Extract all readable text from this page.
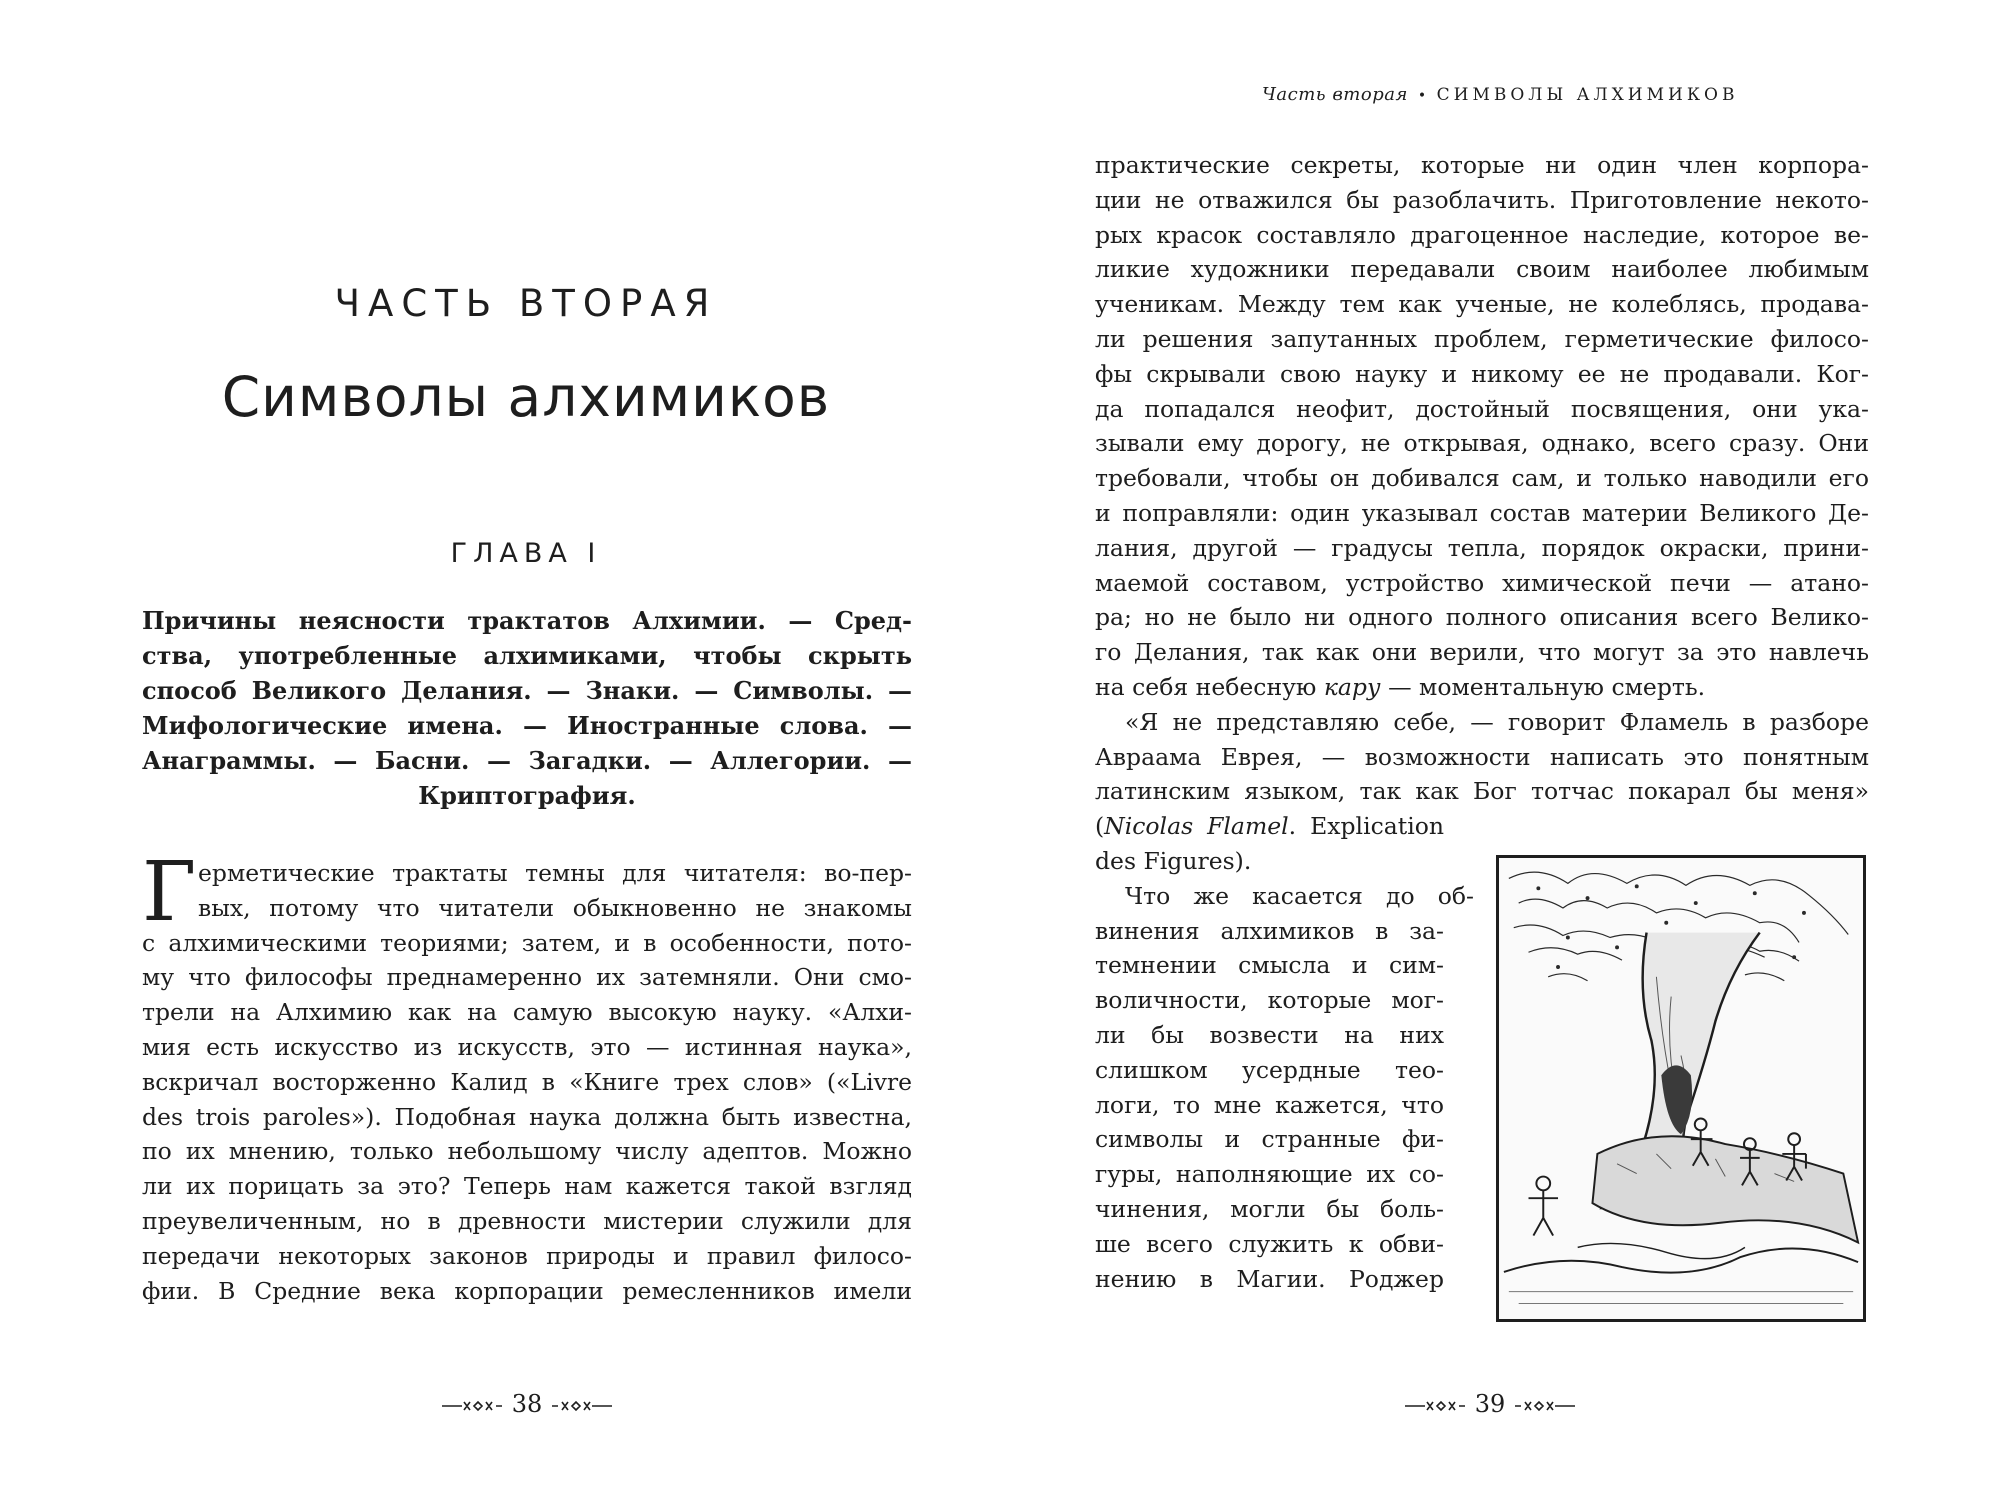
ЧАСТЬ ВТОРАЯ
Символы алхимиков
ГЛАВА I
Причины неясности трактатов Алхимии. — Сред-
ства, употребленные алхимиками, чтобы скрыть
способ Великого Делания. — Знаки. — Символы. —
Мифологические имена. — Иностранные слова. —
Анаграммы. — Басни. — Загадки. — Аллегории. —
Криптография.
Г ерметические трактаты темны для читателя: во-пер-
вых, потому что читатели обыкновенно не знакомы
с алхимическими теориями; затем, и в особенности, пото-
му что философы преднамеренно их затемняли. Они смо-
трели на Алхимию как на самую высокую науку. «Алхи-
мия есть искусство из искусств, это — истинная наука»,
вскричал восторженно Калид в «Книге трех слов» («Livre
des trois paroles»). Подобная наука должна быть известна,
по их мнению, только небольшому числу адептов. Можно
ли их порицать за это? Теперь нам кажется такой взгляд
преувеличенным, но в древности мистерии служили для
передачи некоторых законов природы и правил филосо-
фии. В Средние века корпорации ремесленников имели
38
Часть вторая • СИМВОЛЫ АЛХИМИКОВ
практические секреты, которые ни один член корпора-
ции не отважился бы разоблачить. Приготовление некото-
рых красок составляло драгоценное наследие, которое ве-
ликие художники передавали своим наиболее любимым
ученикам. Между тем как ученые, не колеблясь, продава-
ли решения запутанных проблем, герметические филосо-
фы скрывали свою науку и никому ее не продавали. Ког-
да попадался неофит, достойный посвящения, они ука-
зывали ему дорогу, не открывая, однако, всего сразу. Они
требовали, чтобы он добивался сам, и только наводили его
и поправляли: один указывал состав материи Великого Де-
лания, другой — градусы тепла, порядок окраски, прини-
маемой составом, устройство химической печи — атано-
ра; но не было ни одного полного описания всего Велико-
го Делания, так как они верили, что могут за это навлечь
на себя небесную кару — моментальную смерть.
«Я не представляю себе, — говорит Фламель в разборе
Авраама Еврея, — возможности написать это понятным
латинским языком, так как Бог тотчас покарал бы меня»
(Nicolas Flamel. Explication
des Figures).
Что же касается до об-
винения алхимиков в за-
темнении смысла и сим-
воличности, которые мог-
ли бы возвести на них
слишком усердные тео-
логи, то мне кажется, что
символы и странные фи-
гуры, наполняющие их со-
чинения, могли бы боль-
ше всего служить к обви-
нению в Магии. Роджер
39
